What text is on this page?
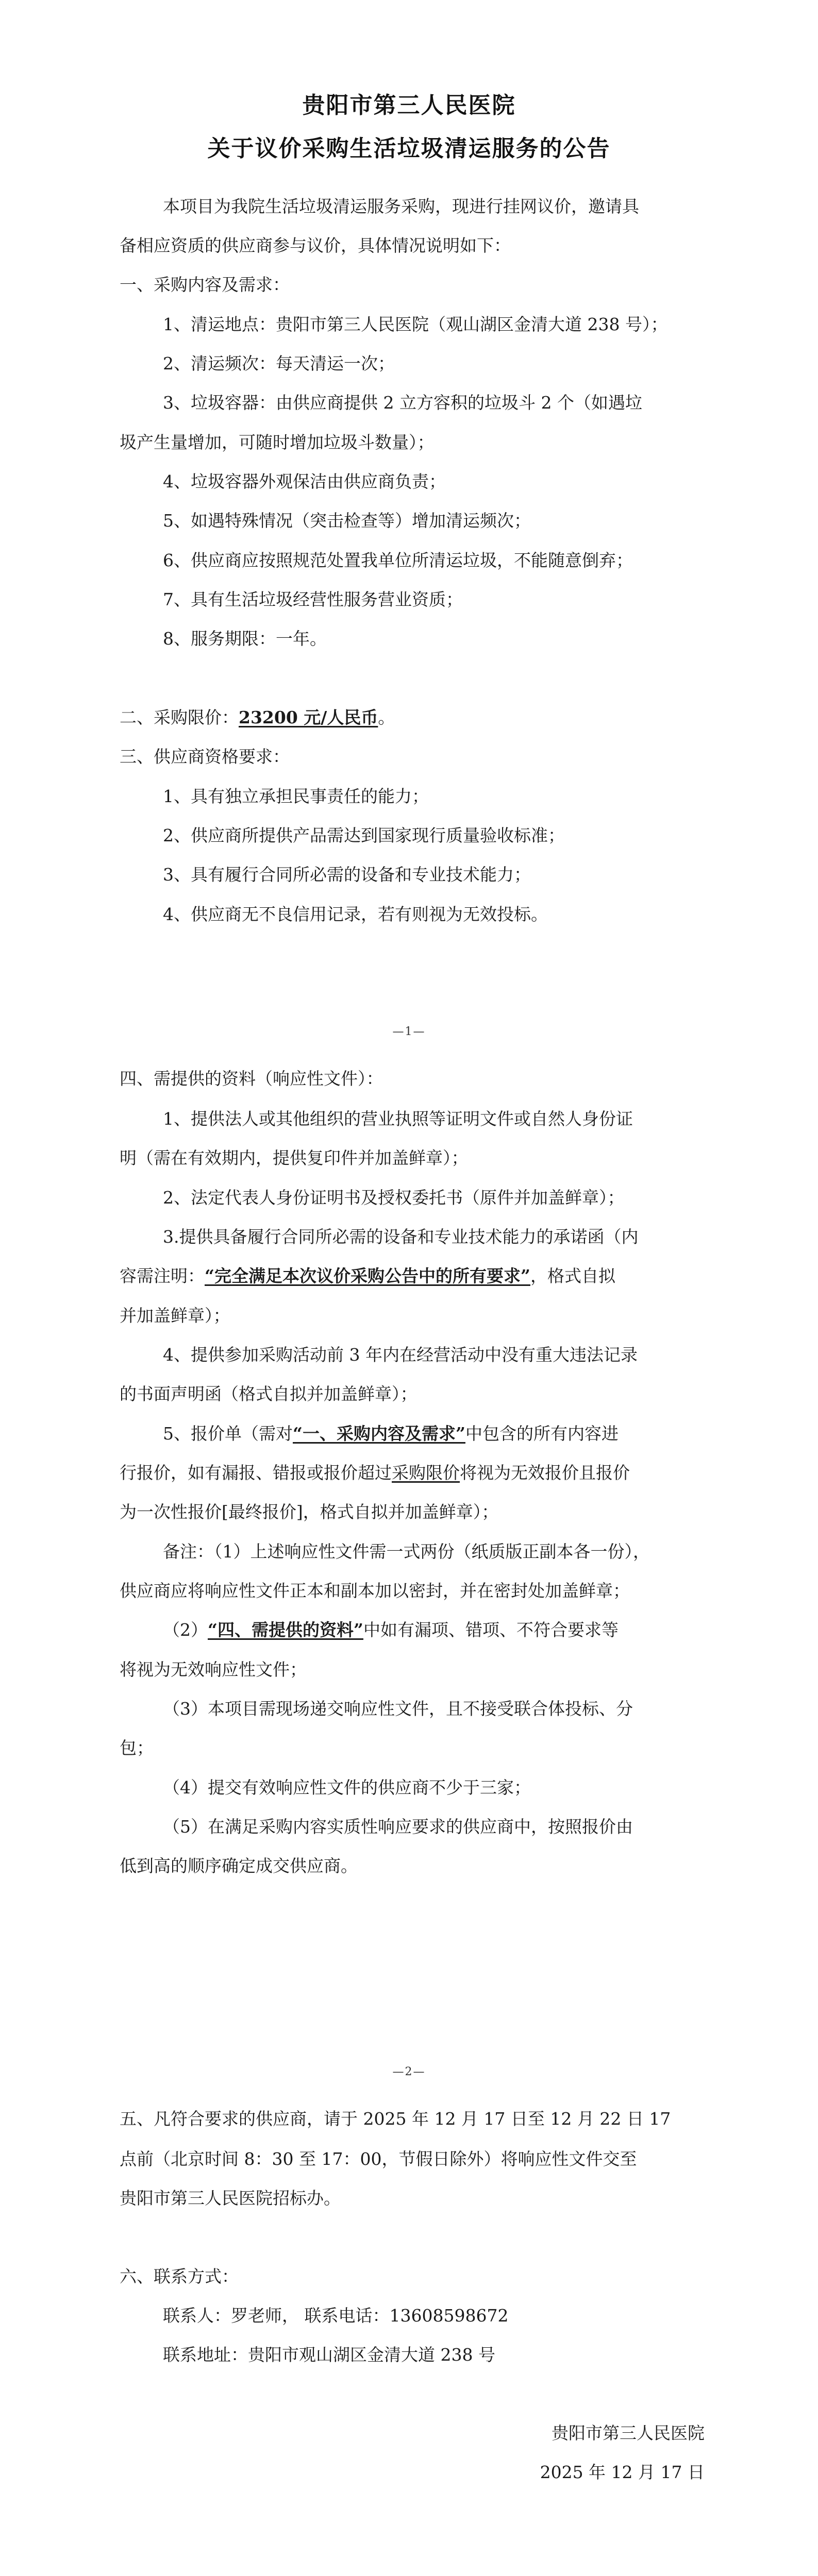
贵阳市第三人民医院
关于议价采购生活垃圾清运服务的公告
本项目为我院生活垃圾清运服务采购，现进行挂网议价，邀请具
备相应资质的供应商参与议价，具体情况说明如下：
一、采购内容及需求：
1、清运地点：贵阳市第三人民医院（观山湖区金清大道 238 号）；
2、清运频次：每天清运一次；
3、垃圾容器：由供应商提供 2 立方容积的垃圾斗 2 个（如遇垃
圾产生量增加，可随时增加垃圾斗数量）；
4、垃圾容器外观保洁由供应商负责；
5、如遇特殊情况（突击检查等）增加清运频次；
6、供应商应按照规范处置我单位所清运垃圾，不能随意倒弃；
7、具有生活垃圾经营性服务营业资质；
8、服务期限：一年。
二、采购限价：23200 元/人民币。
三、供应商资格要求：
1、具有独立承担民事责任的能力；
2、供应商所提供产品需达到国家现行质量验收标准；
3、具有履行合同所必需的设备和专业技术能力；
4、供应商无不良信用记录，若有则视为无效投标。
—1—
四、需提供的资料（响应性文件）：
1、提供法人或其他组织的营业执照等证明文件或自然人身份证
明（需在有效期内，提供复印件并加盖鲜章）；
2、法定代表人身份证明书及授权委托书（原件并加盖鲜章）；
3.提供具备履行合同所必需的设备和专业技术能力的承诺函（内
容需注明：“完全满足本次议价采购公告中的所有要求”，格式自拟
并加盖鲜章）；
4、提供参加采购活动前 3 年内在经营活动中没有重大违法记录
的书面声明函（格式自拟并加盖鲜章）；
5、报价单（需对“一、采购内容及需求”中包含的所有内容进
行报价，如有漏报、错报或报价超过采购限价将视为无效报价且报价
为一次性报价[最终报价]，格式自拟并加盖鲜章）；
备注：（1）上述响应性文件需一式两份（纸质版正副本各一份），
供应商应将响应性文件正本和副本加以密封，并在密封处加盖鲜章；
（2）“四、需提供的资料”中如有漏项、错项、不符合要求等
将视为无效响应性文件；
（3）本项目需现场递交响应性文件，且不接受联合体投标、分
包；
（4）提交有效响应性文件的供应商不少于三家；
（5）在满足采购内容实质性响应要求的供应商中，按照报价由
低到高的顺序确定成交供应商。
—2—
五、凡符合要求的供应商，请于 2025 年 12 月 17 日至 12 月 22 日 17
点前（北京时间 8：30 至 17：00，节假日除外）将响应性文件交至
贵阳市第三人民医院招标办。
六、联系方式：
联系人：罗老师， 联系电话：13608598672
联系地址：贵阳市观山湖区金清大道 238 号
贵阳市第三人民医院
2025 年 12 月 17 日
